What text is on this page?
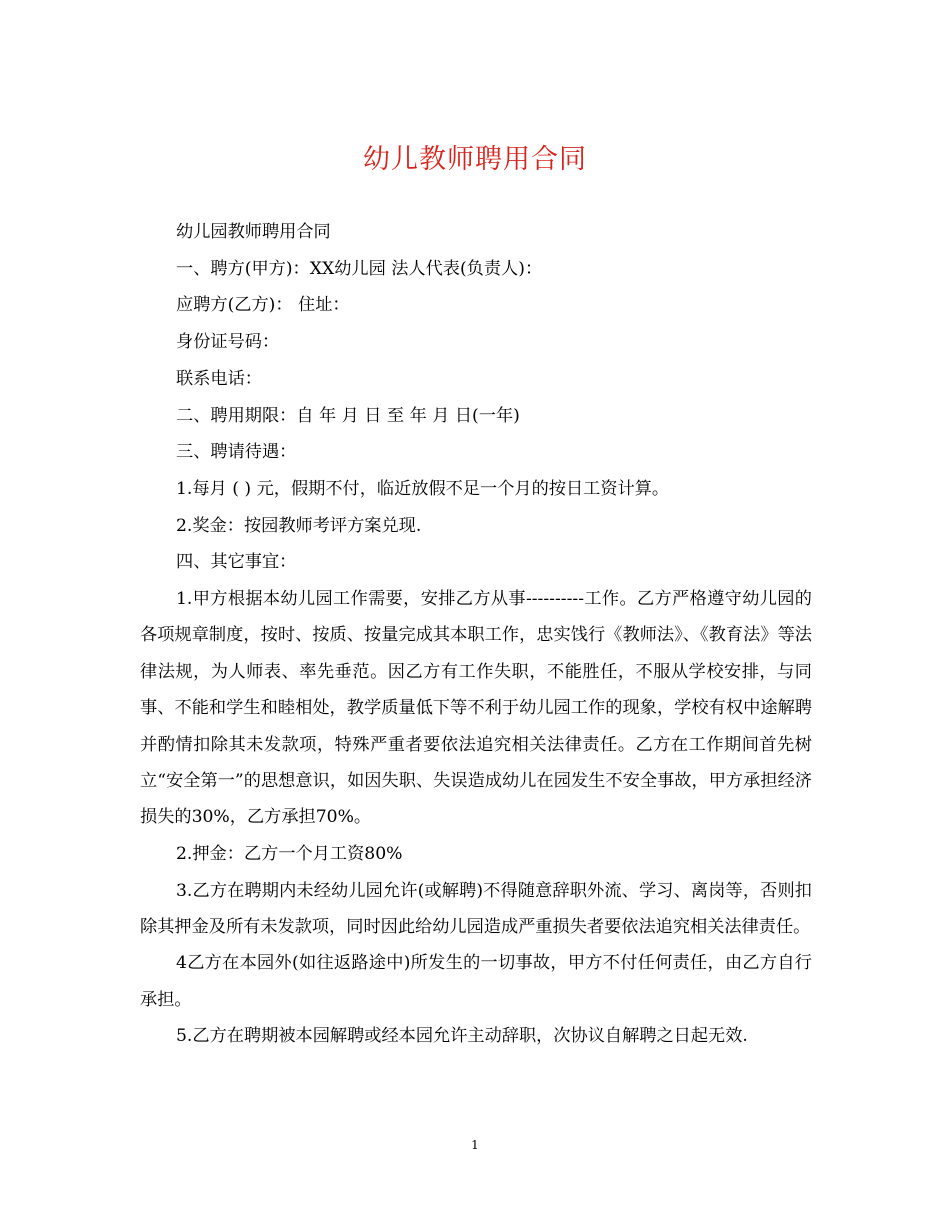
幼儿教师聘用合同

幼儿园教师聘用合同

一、聘方(甲方)：XX幼儿园 法人代表(负责人)：

应聘方(乙方)： 住址：

身份证号码：

联系电话：

二、聘用期限：自 年 月 日 至 年 月 日(一年)

三、聘请待遇：

1.每月 ( ) 元，假期不付，临近放假不足一个月的按日工资计算。

2.奖金：按园教师考评方案兑现.

四、其它事宜：

1.甲方根据本幼儿园工作需要，安排乙方从事----------工作。乙方严格遵守幼儿园的各项规章制度，按时、按质、按量完成其本职工作，忠实饯行《教师法》、《教育法》等法律法规，为人师表、率先垂范。因乙方有工作失职，不能胜任，不服从学校安排，与同事、不能和学生和睦相处，教学质量低下等不利于幼儿园工作的现象，学校有权中途解聘并酌情扣除其未发款项，特殊严重者要依法追究相关法律责任。乙方在工作期间首先树立“安全第一”的思想意识，如因失职、失误造成幼儿在园发生不安全事故，甲方承担经济损失的30%，乙方承担70%。

2.押金：乙方一个月工资80%

3.乙方在聘期内未经幼儿园允许(或解聘)不得随意辞职外流、学习、离岗等，否则扣除其押金及所有未发款项，同时因此给幼儿园造成严重损失者要依法追究相关法律责任。

4乙方在本园外(如往返路途中)所发生的一切事故，甲方不付任何责任，由乙方自行承担。

5.乙方在聘期被本园解聘或经本园允许主动辞职，次协议自解聘之日起无效.

1
